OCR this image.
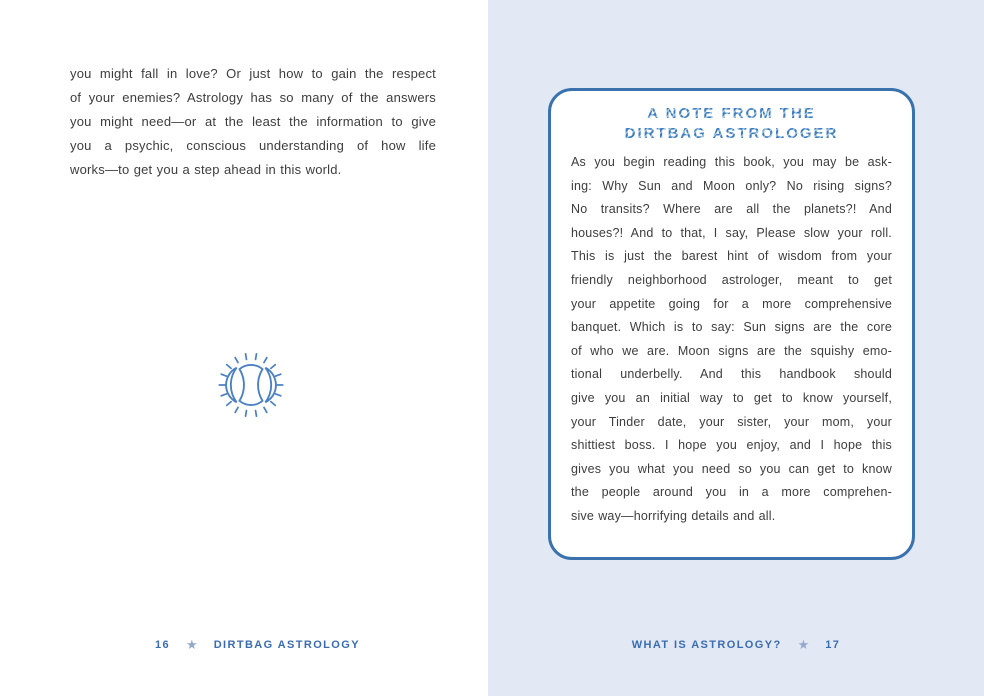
you might fall in love? Or just how to gain the respect
of your enemies? Astrology has so many of the answers
you might need—or at the least the information to give
you a psychic, conscious understanding of how life
works—to get you a step ahead in this world.
16 ★ DIRTBAG ASTROLOGY
A NOTE FROM THE
DIRTBAG ASTROLOGER
As you begin reading this book, you may be ask-
ing: Why Sun and Moon only? No rising signs?
No transits? Where are all the planets?! And
houses?! And to that, I say, Please slow your roll.
This is just the barest hint of wisdom from your
friendly neighborhood astrologer, meant to get
your appetite going for a more comprehensive
banquet. Which is to say: Sun signs are the core
of who we are. Moon signs are the squishy emo-
tional underbelly. And this handbook should
give you an initial way to get to know yourself,
your Tinder date, your sister, your mom, your
shittiest boss. I hope you enjoy, and I hope this
gives you what you need so you can get to know
the people around you in a more comprehen-
sive way—horrifying details and all.
WHAT IS ASTROLOGY? ★ 17
